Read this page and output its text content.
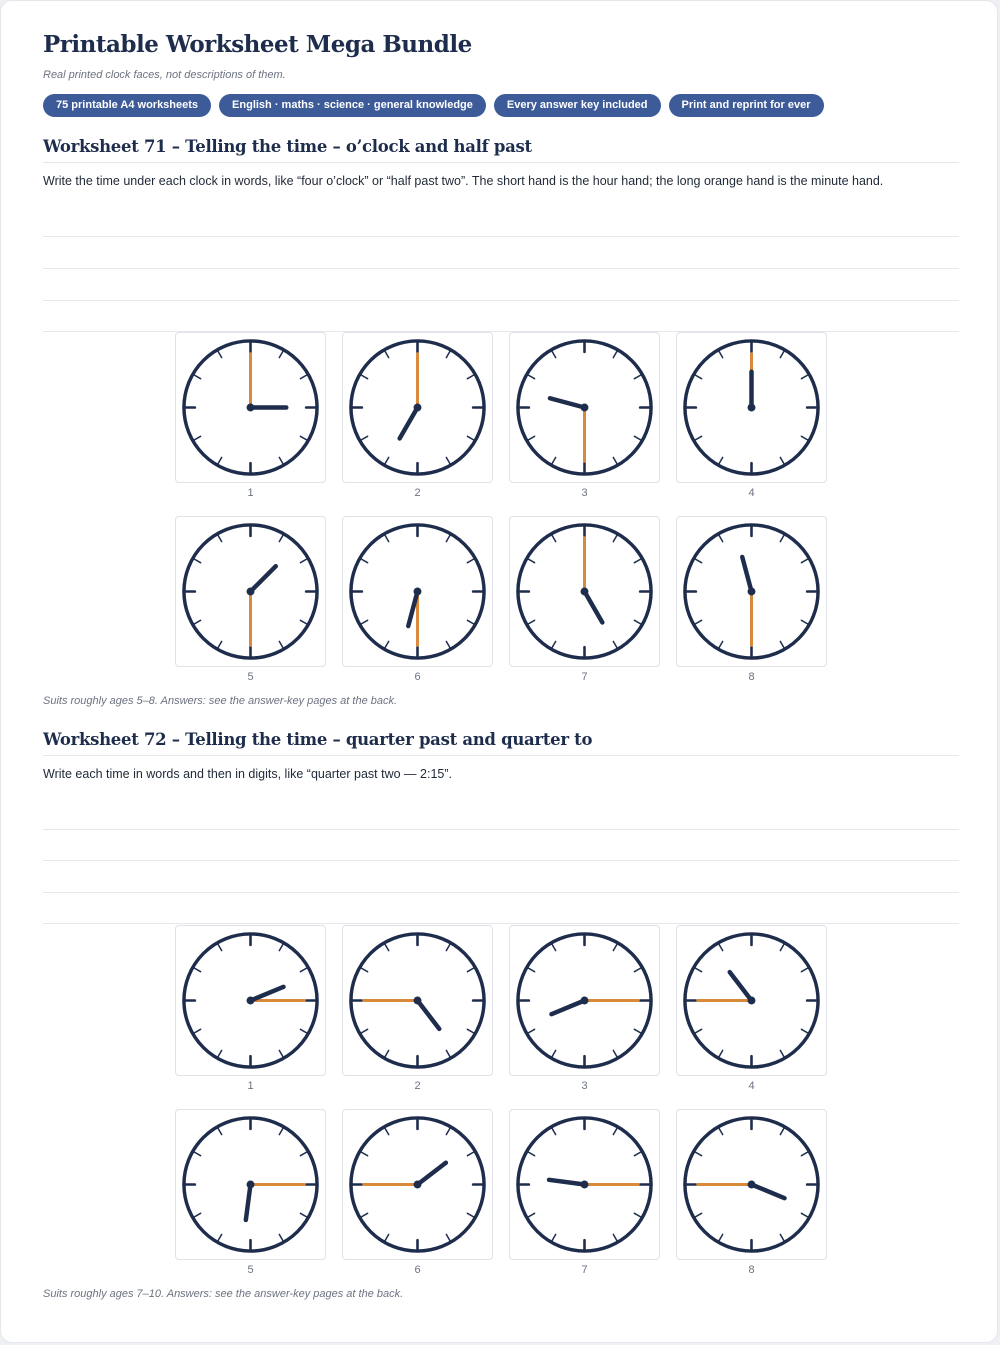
Printable Worksheet Mega Bundle
Real printed clock faces, not descriptions of them.
75 printable A4 worksheets	English · maths · science · general knowledge	Every answer key included	Print and reprint for ever
Worksheet 71 – Telling the time – o’clock and half past
Write the time under each clock in words, like “four o’clock” or “half past two”. The short hand is the hour hand; the long orange hand is the minute hand.
1	2	3	4
5	6	7	8
Suits roughly ages 5–8. Answers: see the answer-key pages at the back.
Worksheet 72 – Telling the time – quarter past and quarter to
Write each time in words and then in digits, like “quarter past two — 2:15”.
1	2	3	4
5	6	7	8
Suits roughly ages 7–10. Answers: see the answer-key pages at the back.
